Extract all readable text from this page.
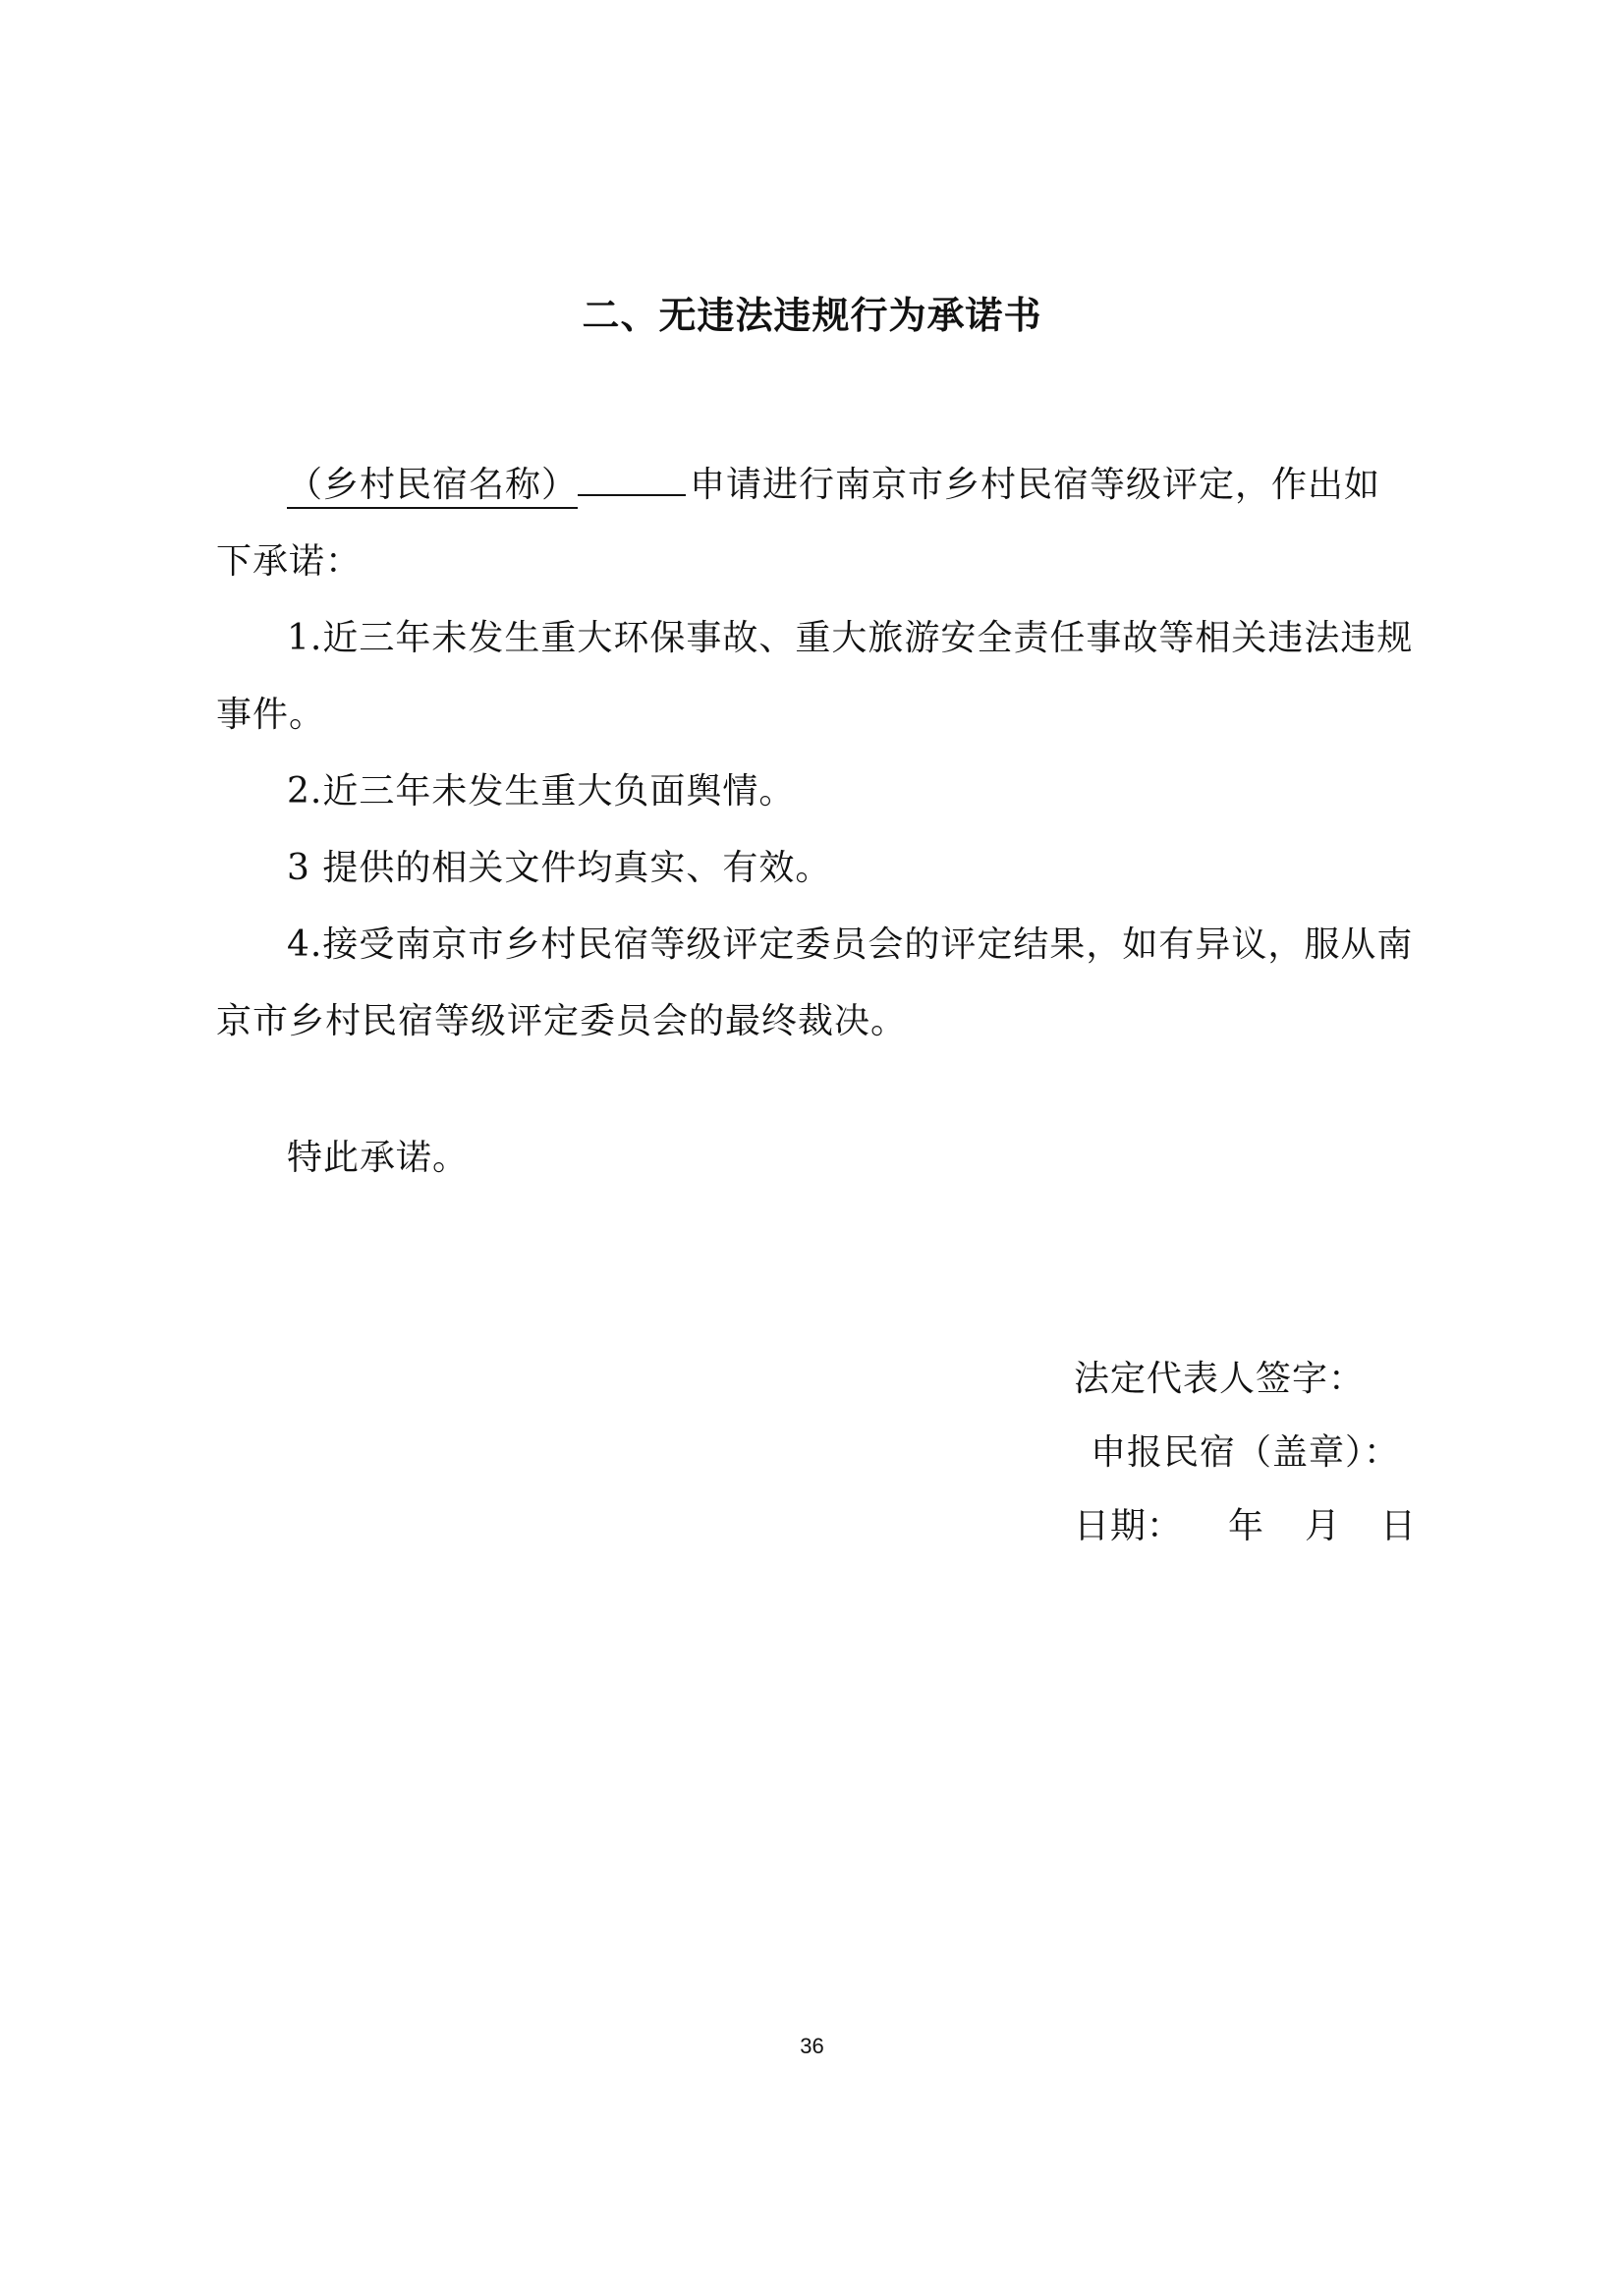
二、无违法违规行为承诺书

（乡村民宿名称）	申请进行南京市乡村民宿等级评定，作出如下承诺：

1.近三年未发生重大环保事故、重大旅游安全责任事故等相关违法违规事件。

2.近三年未发生重大负面舆情。

3 提供的相关文件均真实、有效。

4.接受南京市乡村民宿等级评定委员会的评定结果，如有异议，服从南京市乡村民宿等级评定委员会的最终裁决。

特此承诺。
法定代表人签字：
申报民宿（盖章）：
日期： 年 月 日
36
